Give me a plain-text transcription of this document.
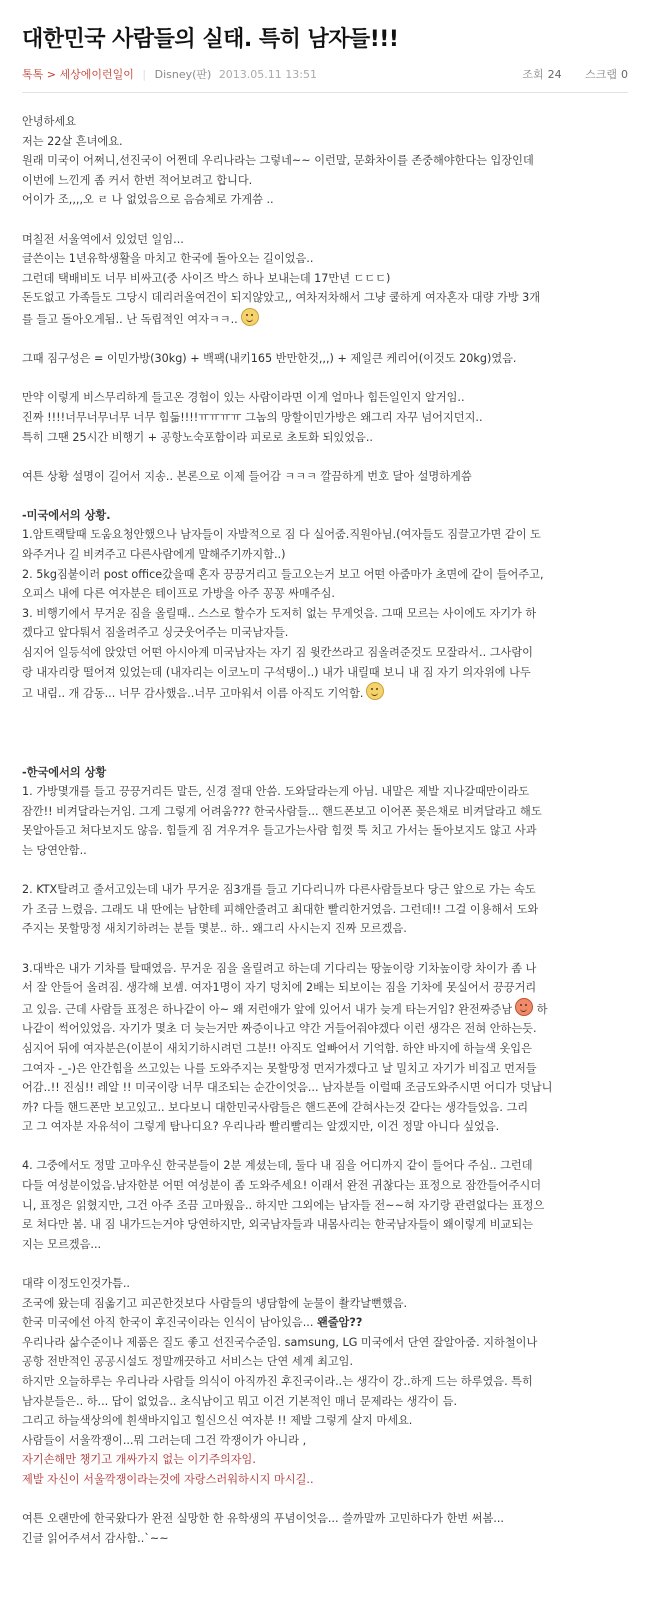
대한민국 사람들의 실태. 특히 남자들!!!
톡톡 > 세상에이런일이 | Disney(판) 2013.05.11 13:51	조회 24 스크랩 0
안녕하세요
저는 22살 흔녀에요.
원래 미국이 어쩌니,선진국이 어쩐데 우리나라는 그렇네~~ 이런말, 문화차이를 존중해야한다는 입장인데
이번에 느낀게 좀 커서 한번 적어보려고 합니다.
어이가 조,,,,오 ㄹ 나 없었음으로 음슴체로 가게씀 ..
며칠전 서울역에서 있었던 일임...
글쓴이는 1년유학생활을 마치고 한국에 돌아오는 길이었음..
그런데 택배비도 너무 비싸고(중 사이즈 박스 하나 보내는데 17만년 ㄷㄷㄷ)
돈도없고 가족들도 그당시 데리러올여건이 되지않았고,, 여차저차해서 그냥 쿨하게 여자혼자 대량 가방 3개
를 들고 돌아오게됨.. 난 독립적인 여자ㅋㅋ..
그때 짐구성은 = 이민가방(30kg) + 백팩(내키165 반만한것,,,) + 제일큰 케리어(이것도 20kg)였음.
만약 이렇게 비스무리하게 들고온 경험이 있는 사람이라면 이게 얼마나 힘든일인지 알거임..
진짜 !!!!너무너무너무 너무 힘듦!!!!ㅠㅠㅠㅠ 그놈의 망할이민가방은 왜그리 자꾸 넘어지던지..
특히 그땐 25시간 비행기 + 공항노숙포함이라 피로로 초토화 되있었음..
여튼 상황 설명이 길어서 지송.. 본론으로 이제 들어감 ㅋㅋㅋ 깔끔하게 번호 달아 설명하게씀
-미국에서의 상황.
1.암트랙탈때 도움요청안했으나 남자들이 자발적으로 짐 다 실어줌.직원아님.(여자들도 짐끌고가면 같이 도
와주거나 길 비켜주고 다른사람에게 말해주기까지함..)
2. 5kg짐붙이러 post office갔을때 혼자 끙끙거리고 들고오는거 보고 어떤 아줌마가 초면에 같이 들어주고,
오피스 내에 다른 여자분은 테이프로 가방을 아주 꽁꽁 싸매주심.
3. 비행기에서 무거운 짐을 올릴때.. 스스로 할수가 도저히 없는 무게엇음. 그때 모르는 사이에도 자기가 하
겠다고 앞다퉈서 짐올려주고 싱긋웃어주는 미국남자들.
심지어 일등석에 앉았던 어떤 아시아계 미국남자는 자기 짐 윗칸쓰라고 짐올려준것도 모잘라서.. 그사람이
랑 내자리랑 떨어져 있었는데 (내자리는 이코노미 구석탱이..) 내가 내릴때 보니 내 짐 자기 의자위에 나두
고 내림.. 개 감동... 너무 감사했음..너무 고마워서 이름 아직도 기억함.
-한국에서의 상황
1. 가방몇개를 들고 끙끙거리든 말든, 신경 절대 안씀. 도와달라는게 아님. 내말은 제발 지나갈때만이라도
잠깐!! 비켜달라는거임. 그게 그렇게 어려움??? 한국사람들... 핸드폰보고 이어폰 꽂은채로 비켜달라고 해도
못알아듣고 쳐다보지도 않음. 힘들게 짐 겨우겨우 들고가는사람 힘껏 툭 치고 가서는 돌아보지도 않고 사과
는 당연안함..
2. KTX탈려고 줄서고있는데 내가 무거운 짐3개를 들고 기다리니까 다른사람들보다 당근 앞으로 가는 속도
가 조금 느렸음. 그래도 내 딴에는 남한테 피해안줄려고 최대한 빨리한거였음. 그런데!! 그걸 이용해서 도와
주지는 못할망정 새치기하려는 분들 몇분.. 하.. 왜그리 사시는지 진짜 모르겠음.
3.대박은 내가 기차를 탈때였음. 무거운 짐을 올릴려고 하는데 기다리는 땅높이랑 기차높이랑 차이가 좀 나
서 잘 안들어 올려짐. 생각해 보셈. 여자1명이 자기 덩치에 2배는 되보이는 짐을 기차에 못실어서 끙끙거리
고 있음. 근데 사람들 표정은 하나같이 아~ 왜 저런애가 앞에 있어서 내가 늦게 타는거임? 완전짜증남 하
나같이 썩어있었음. 자기가 몇초 더 늦는거만 짜증이나고 약간 거들어줘야겠다 이런 생각은 전혀 안하는듯.
심지어 뒤에 여자분은(이분이 새치기하시려던 그분!! 아직도 얼빠어서 기억함. 하얀 바지에 하늘색 옷입은
그여자 -_-)은 안간힘을 쓰고있는 나를 도와주지는 못할망정 먼저가겠다고 날 밀치고 자기가 비집고 먼저들
어감..!! 진심!! 레알 !! 미국이랑 너무 대조되는 순간이엇음... 남자분들 이럴때 조금도와주시면 어디가 덧납니
까? 다들 핸드폰만 보고있고.. 보다보니 대한민국사람들은 핸드폰에 갇혀사는것 같다는 생각들었음. 그리
고 그 여자분 자유석이 그렇게 탐나디요? 우리나라 빨리빨리는 알겠지만, 이건 정말 아니다 싶었음.
4. 그중에서도 정말 고마우신 한국분들이 2분 계셨는데, 둘다 내 짐을 어디까지 같이 들어다 주심.. 그런데
다들 여성분이었음.남자한분 어떤 여성분이 좀 도와주세요! 이래서 완전 귀찮다는 표정으로 잠깐들어주시더
니, 표정은 읽혔지만, 그건 아주 조끔 고마웠음.. 하지만 그외에는 남자들 전~~혀 자기랑 관련없다는 표정으
로 쳐다만 봄. 내 짐 내가드는거야 당연하지만, 외국남자들과 내몸사리는 한국남자들이 왜이렇게 비교되는
지는 모르겠음...
대략 이정도인것가틈..
조국에 왔는데 짐옮기고 피곤한것보다 사람들의 냉담함에 눈물이 촬칵날뻔했음.
한국 미국에선 아직 한국이 후진국이라는 인식이 남아있음... 왠줄암??
우리나라 삶수준이나 제품은 질도 좋고 선진국수준임. samsung, LG 미국에서 단연 잘알아줌. 지하철이나
공항 전반적인 공공시설도 정말깨끗하고 서비스는 단연 세계 최고임.
하지만 오늘하루는 우리나라 사람들 의식이 아직까진 후진국이라..는 생각이 강..하게 드는 하루였음. 특히
남자분들은.. 하... 답이 없었음.. 초식남이고 뭐고 이건 기본적인 매너 문제라는 생각이 듬.
그리고 하늘색상의에 흰색바지입고 힐신으신 여자분 !! 제발 그렇게 살지 마세요.
사람들이 서울깍쟁이...뭐 그러는데 그건 깍쟁이가 아니라 ,
자기손해만 챙기고 개싸가지 없는 이기주의자임.
제발 자신이 서울깍쟁이라는것에 자랑스러워하시지 마시길..
여튼 오랜만에 한국왔다가 완전 실망한 한 유학생의 푸념이엇음... 쓸까말까 고민하다가 한번 써봄...
긴글 읽어주셔서 감사함..`~~
